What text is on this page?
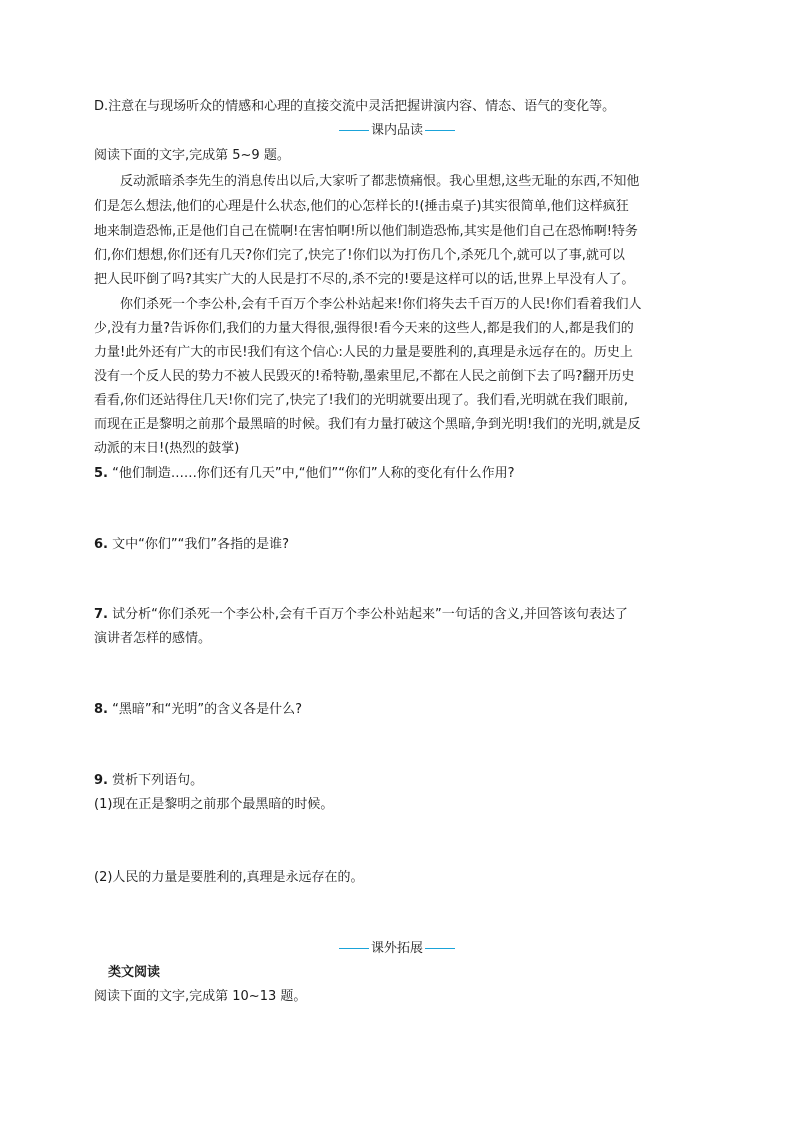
D.注意在与现场听众的情感和心理的直接交流中灵活把握讲演内容、情态、语气的变化等。
课内品读
阅读下面的文字,完成第 5~9 题。
反动派暗杀李先生的消息传出以后,大家听了都悲愤痛恨。我心里想,这些无耻的东西,不知他
们是怎么想法,他们的心理是什么状态,他们的心怎样长的!(捶击桌子)其实很简单,他们这样疯狂
地来制造恐怖,正是他们自己在慌啊!在害怕啊!所以他们制造恐怖,其实是他们自己在恐怖啊!特务
们,你们想想,你们还有几天?你们完了,快完了!你们以为打伤几个,杀死几个,就可以了事,就可以
把人民吓倒了吗?其实广大的人民是打不尽的,杀不完的!要是这样可以的话,世界上早没有人了。
你们杀死一个李公朴,会有千百万个李公朴站起来!你们将失去千百万的人民!你们看着我们人
少,没有力量?告诉你们,我们的力量大得很,强得很!看今天来的这些人,都是我们的人,都是我们的
力量!此外还有广大的市民!我们有这个信心:人民的力量是要胜利的,真理是永远存在的。历史上
没有一个反人民的势力不被人民毁灭的!希特勒,墨索里尼,不都在人民之前倒下去了吗?翻开历史
看看,你们还站得住几天!你们完了,快完了!我们的光明就要出现了。我们看,光明就在我们眼前,
而现在正是黎明之前那个最黑暗的时候。我们有力量打破这个黑暗,争到光明!我们的光明,就是反
动派的末日!(热烈的鼓掌)
5. “他们制造……你们还有几天”中,“他们”“你们”人称的变化有什么作用?
6. 文中“你们”“我们”各指的是谁?
7. 试分析“你们杀死一个李公朴,会有千百万个李公朴站起来”一句话的含义,并回答该句表达了
演讲者怎样的感情。
8. “黑暗”和“光明”的含义各是什么?
9. 赏析下列语句。
(1)现在正是黎明之前那个最黑暗的时候。
(2)人民的力量是要胜利的,真理是永远存在的。
课外拓展
类文阅读
阅读下面的文字,完成第 10~13 题。
